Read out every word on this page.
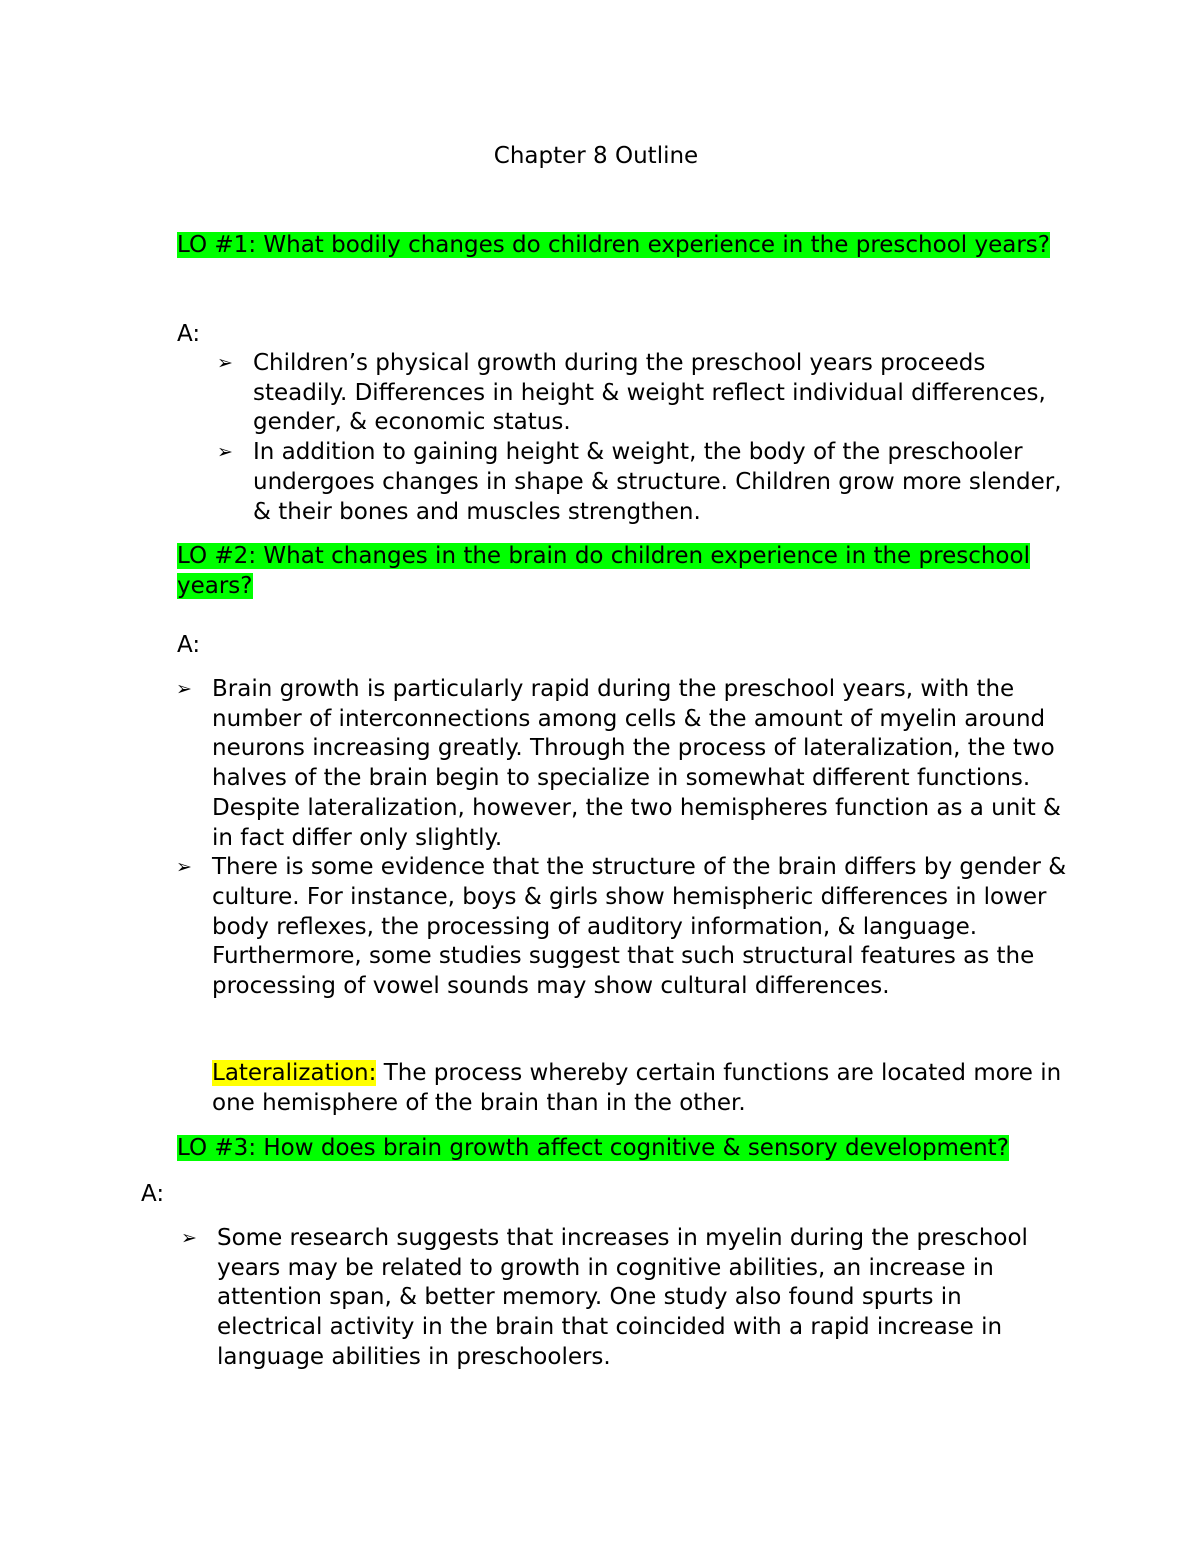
Chapter 8 Outline
LO #1: What bodily changes do children experience in the preschool years?
A:
➢ Children’s physical growth during the preschool years proceeds steadily. Differences in height & weight reflect individual differences, gender, & economic status.
➢ In addition to gaining height & weight, the body of the preschooler undergoes changes in shape & structure. Children grow more slender, & their bones and muscles strengthen.
LO #2: What changes in the brain do children experience in the preschool years?
A:
➢ Brain growth is particularly rapid during the preschool years, with the number of interconnections among cells & the amount of myelin around neurons increasing greatly. Through the process of lateralization, the two halves of the brain begin to specialize in somewhat different functions. Despite lateralization, however, the two hemispheres function as a unit & in fact differ only slightly.
➢ There is some evidence that the structure of the brain differs by gender & culture. For instance, boys & girls show hemispheric differences in lower body reflexes, the processing of auditory information, & language. Furthermore, some studies suggest that such structural features as the processing of vowel sounds may show cultural differences.
Lateralization: The process whereby certain functions are located more in one hemisphere of the brain than in the other.
LO #3: How does brain growth affect cognitive & sensory development?
A:
➢ Some research suggests that increases in myelin during the preschool years may be related to growth in cognitive abilities, an increase in attention span, & better memory. One study also found spurts in electrical activity in the brain that coincided with a rapid increase in language abilities in preschoolers.
